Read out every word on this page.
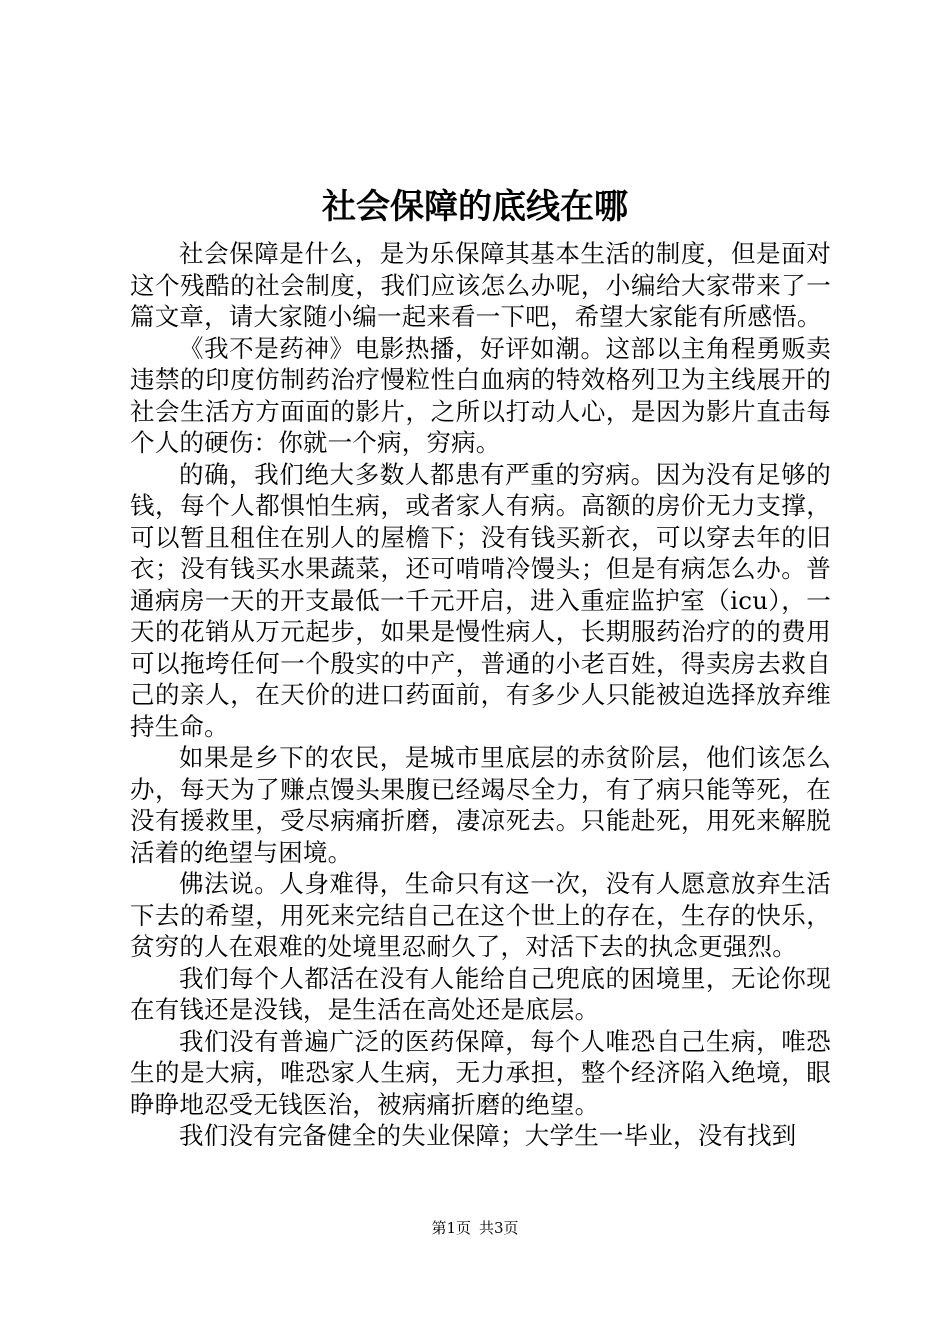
社会保障的底线在哪

社会保障是什么，是为乐保障其基本生活的制度，但是面对这个残酷的社会制度，我们应该怎么办呢，小编给大家带来了一篇文章，请大家随小编一起来看一下吧，希望大家能有所感悟。

《我不是药神》电影热播，好评如潮。这部以主角程勇贩卖违禁的印度仿制药治疗慢粒性白血病的特效格列卫为主线展开的社会生活方方面面的影片，之所以打动人心，是因为影片直击每个人的硬伤：你就一个病，穷病。

的确，我们绝大多数人都患有严重的穷病。因为没有足够的钱，每个人都惧怕生病，或者家人有病。高额的房价无力支撑，可以暂且租住在别人的屋檐下；没有钱买新衣，可以穿去年的旧衣；没有钱买水果蔬菜，还可啃啃冷馒头；但是有病怎么办。普通病房一天的开支最低一千元开启，进入重症监护室（icu），一天的花销从万元起步，如果是慢性病人，长期服药治疗的的费用可以拖垮任何一个殷实的中产，普通的小老百姓，得卖房去救自己的亲人，在天价的进口药面前，有多少人只能被迫选择放弃维持生命。

如果是乡下的农民，是城市里底层的赤贫阶层，他们该怎么办，每天为了赚点馒头果腹已经竭尽全力，有了病只能等死，在没有援救里，受尽病痛折磨，凄凉死去。只能赴死，用死来解脱活着的绝望与困境。

佛法说。人身难得，生命只有这一次，没有人愿意放弃生活下去的希望，用死来完结自己在这个世上的存在，生存的快乐，贫穷的人在艰难的处境里忍耐久了，对活下去的执念更强烈。

我们每个人都活在没有人能给自己兜底的困境里，无论你现在有钱还是没钱，是生活在高处还是底层。

我们没有普遍广泛的医药保障，每个人唯恐自己生病，唯恐生的是大病，唯恐家人生病，无力承担，整个经济陷入绝境，眼睁睁地忍受无钱医治，被病痛折磨的绝望。

我们没有完备健全的失业保障；大学生一毕业，没有找到

第1页 共3页
